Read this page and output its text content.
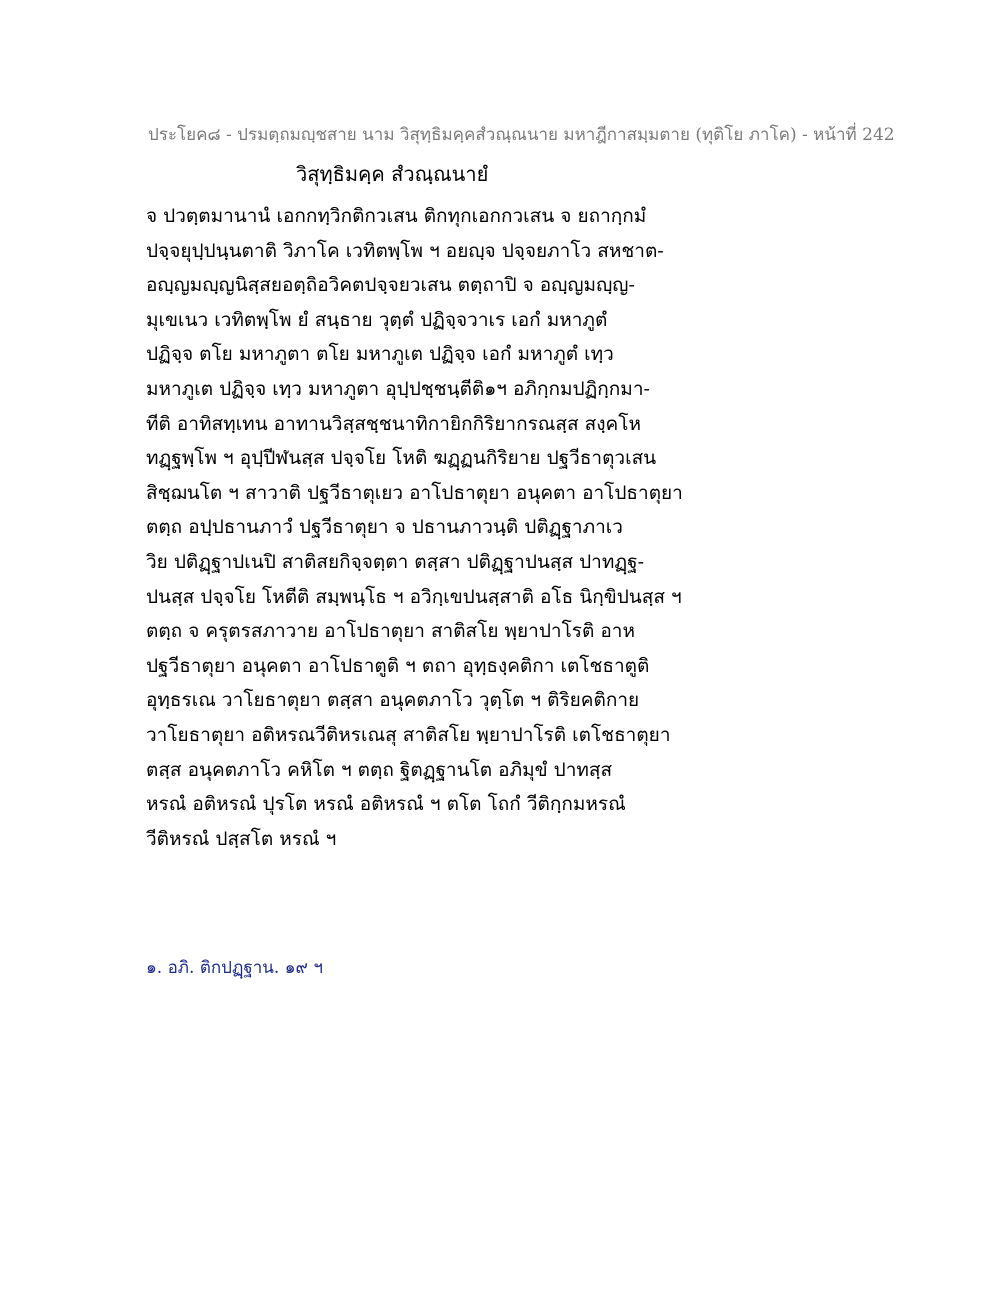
ประโยค๘ - ปรมตฺถมญฺชสาย นาม วิสุทฺธิมคฺคสํวณฺณนาย มหาฎีกาสมฺมตาย (ทุติโย ภาโค) - หน้าที่ 242
วิสุทฺธิมคฺค สํวณฺณนายํ
จ ปวตฺตมานานํ เอกกทฺวิกติกวเสน ติกทุกเอกกวเสน จ ยถากฺกมํ
ปจฺจยุปฺปนฺนตาติ วิภาโค เวทิตพฺโพ ฯ อยญฺจ ปจฺจยภาโว สหชาต-
อญฺญมญฺญนิสฺสยอตฺถิอวิคตปจฺจยวเสน ตตฺถาปิ จ อญฺญมญฺญ-
มุเขเนว เวทิตพฺโพ ยํ สนฺธาย วุตฺตํ ปฏิจฺจวาเร เอกํ มหาภูตํ
ปฏิจฺจ ตโย มหาภูตา ตโย มหาภูเต ปฏิจฺจ เอกํ มหาภูตํ เทฺว
มหาภูเต ปฏิจฺจ เทฺว มหาภูตา อุปฺปชฺชนฺตีติ๑ฯ อภิกฺกมปฏิกฺกมา-
ทีติ อาทิสทฺเทน อาทานวิสฺสชฺชนาทิกายิกกิริยากรณสฺส สงฺคโห
ทฏฺฐพฺโพ ฯ อุปฺปีฬนสฺส ปจฺจโย โหติ ฆฏฺฏนกิริยาย ปฐวีธาตุวเสน
สิชฺฌนโต ฯ สาวาติ ปฐวีธาตุเยว อาโปธาตุยา อนุคตา อาโปธาตุยา
ตตฺถ อปฺปธานภาวํ ปฐวีธาตุยา จ ปธานภาวนฺติ ปติฏฺฐาภาเว
วิย ปติฏฺฐาปเนปิ สาติสยกิจฺจตฺตา ตสฺสา ปติฏฺฐาปนสฺส ปาทฏฺฐ-
ปนสฺส ปจฺจโย โหตีติ สมฺพนฺโธ ฯ อวิกฺเขปนสฺสาติ อโธ นิกฺขิปนสฺส ฯ
ตตฺถ จ ครุตรสภาวาย อาโปธาตุยา สาติสโย พฺยาปาโรติ อาห
ปฐวีธาตุยา อนุคตา อาโปธาตูติ ฯ ตถา อุทฺธงฺคติกา เตโชธาตูติ
อุทฺธรเณ วาโยธาตุยา ตสฺสา อนุคตภาโว วุตฺโต ฯ ติริยคติกาย
วาโยธาตุยา อติหรณวีติหรเณสุ สาติสโย พฺยาปาโรติ เตโชธาตุยา
ตสฺส อนุคตภาโว คหิโต ฯ ตตฺถ ฐิตฏฺฐานโต อภิมุขํ ปาทสฺส
หรณํ อติหรณํ ปุรโต หรณํ อติหรณํ ฯ ตโต โถกํ วีติกฺกมหรณํ
วีติหรณํ ปสฺสโต หรณํ ฯ
๑. อภิ. ติกปฏฺฐาน. ๑๙ ฯ
